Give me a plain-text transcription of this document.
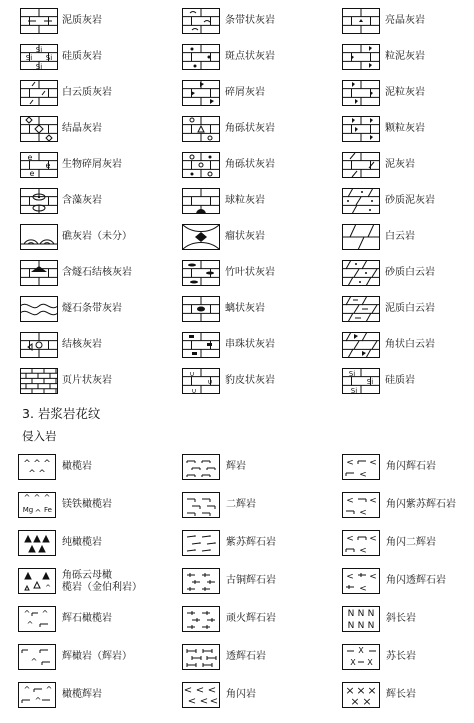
泥质灰岩
Si
Si Si
Si
硅质灰岩
白云质灰岩
结晶灰岩
e
e
e
生物碎屑灰岩
含藻灰岩
礁灰岩（未分）
含燧石结核灰岩
燧石条带灰岩
结核灰岩
页片状灰岩
条带状灰岩
斑点状灰岩
碎屑灰岩
角砾状灰岩
角砾状灰岩
球粒灰岩
瘤状灰岩
竹叶状灰岩
螭状灰岩
串珠状灰岩
∪
∪
∪
豹皮状灰岩
亮晶灰岩
粒泥灰岩
泥粒灰岩
颗粒灰岩
泥灰岩
砂质泥灰岩
白云岩
砂质白云岩
泥质白云岩
角状白云岩
Si
Si
Si
硅质岩
3. 岩浆岩花纹
侵入岩
^ ^ ^
^ ^
橄榄岩
^ ^ ^
Mg Fe
^
镁铁橄榄岩
纯橄榄岩
^
角砾云母橄
榄岩（金伯利岩）
^ ^
^
辉石橄榄岩
^ 辉橄岩（辉岩）
^ ^
^
橄榄辉岩
辉岩
二辉岩
紫苏辉石岩
古铜辉石岩
顽火辉石岩
透辉石岩
< < <
< < <
角闪岩
< <
<
角闪辉石岩
< <
<
角闪紫苏辉石岩
< <
<
角闪二辉岩
< <
<
角闪透辉石岩
N N N
N N N
斜长岩
X
X X
苏长岩
× × ×
× ×
辉长岩
